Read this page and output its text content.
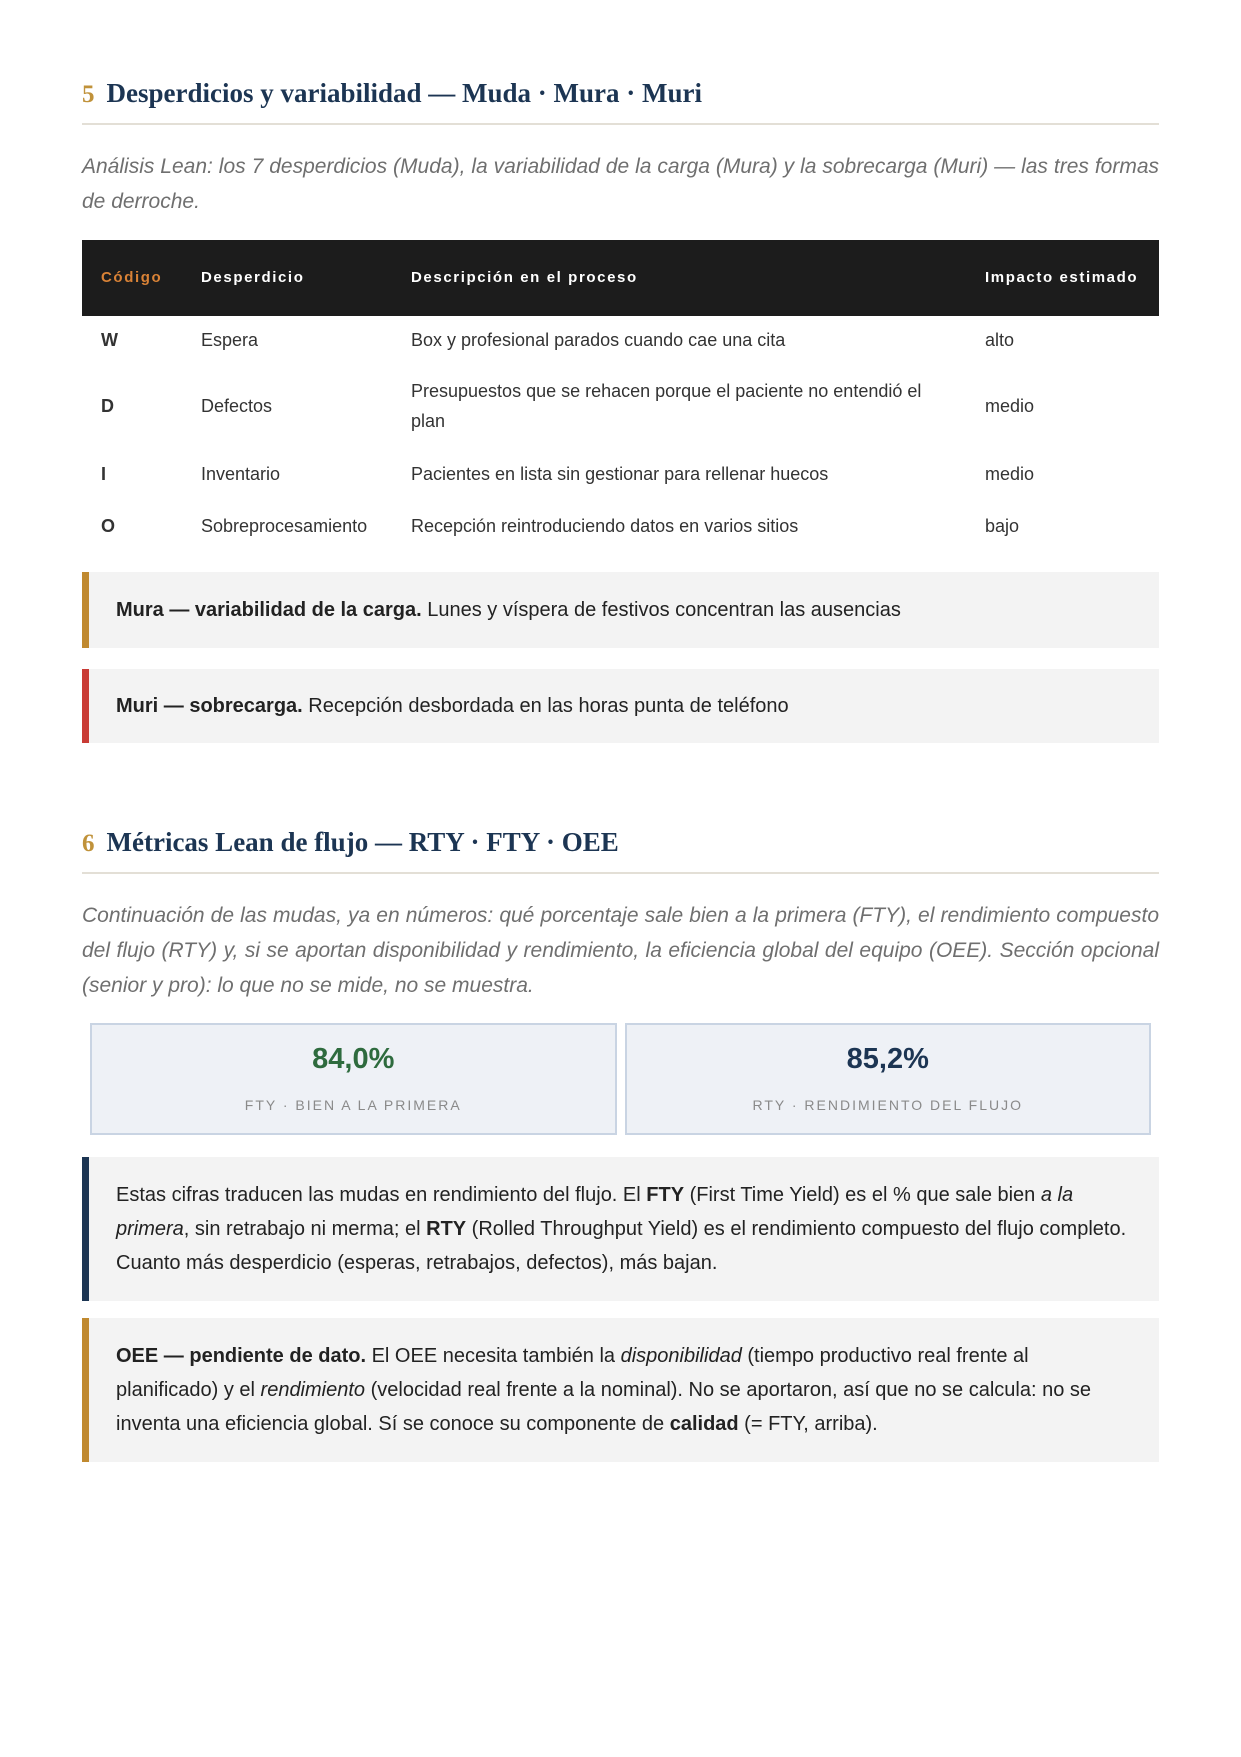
5 Desperdicios y variabilidad — Muda · Mura · Muri

Análisis Lean: los 7 desperdicios (Muda), la variabilidad de la carga (Mura) y la sobrecarga (Muri) — las tres formas de derroche.

Código	Desperdicio	Descripción en el proceso	Impacto estimado
W	Espera	Box y profesional parados cuando cae una cita	alto
D	Defectos	Presupuestos que se rehacen porque el paciente no entendió el plan	medio
I	Inventario	Pacientes en lista sin gestionar para rellenar huecos	medio
O	Sobreprocesamiento	Recepción reintroduciendo datos en varios sitios	bajo
Mura — variabilidad de la carga. Lunes y víspera de festivos concentran las ausencias
Muri — sobrecarga. Recepción desbordada en las horas punta de teléfono
6 Métricas Lean de flujo — RTY · FTY · OEE

Continuación de las mudas, ya en números: qué porcentaje sale bien a la primera (FTY), el rendimiento compuesto del flujo (RTY) y, si se aportan disponibilidad y rendimiento, la eficiencia global del equipo (OEE). Sección opcional (senior y pro): lo que no se mide, no se muestra.

84,0%
FTY · BIEN A LA PRIMERA
85,2%
RTY · RENDIMIENTO DEL FLUJO
Estas cifras traducen las mudas en rendimiento del flujo. El FTY (First Time Yield) es el % que sale bien a la primera, sin retrabajo ni merma; el RTY (Rolled Throughput Yield) es el rendimiento compuesto del flujo completo. Cuanto más desperdicio (esperas, retrabajos, defectos), más bajan.
OEE — pendiente de dato. El OEE necesita también la disponibilidad (tiempo productivo real frente al planificado) y el rendimiento (velocidad real frente a la nominal). No se aportaron, así que no se calcula: no se inventa una eficiencia global. Sí se conoce su componente de calidad (= FTY, arriba).
